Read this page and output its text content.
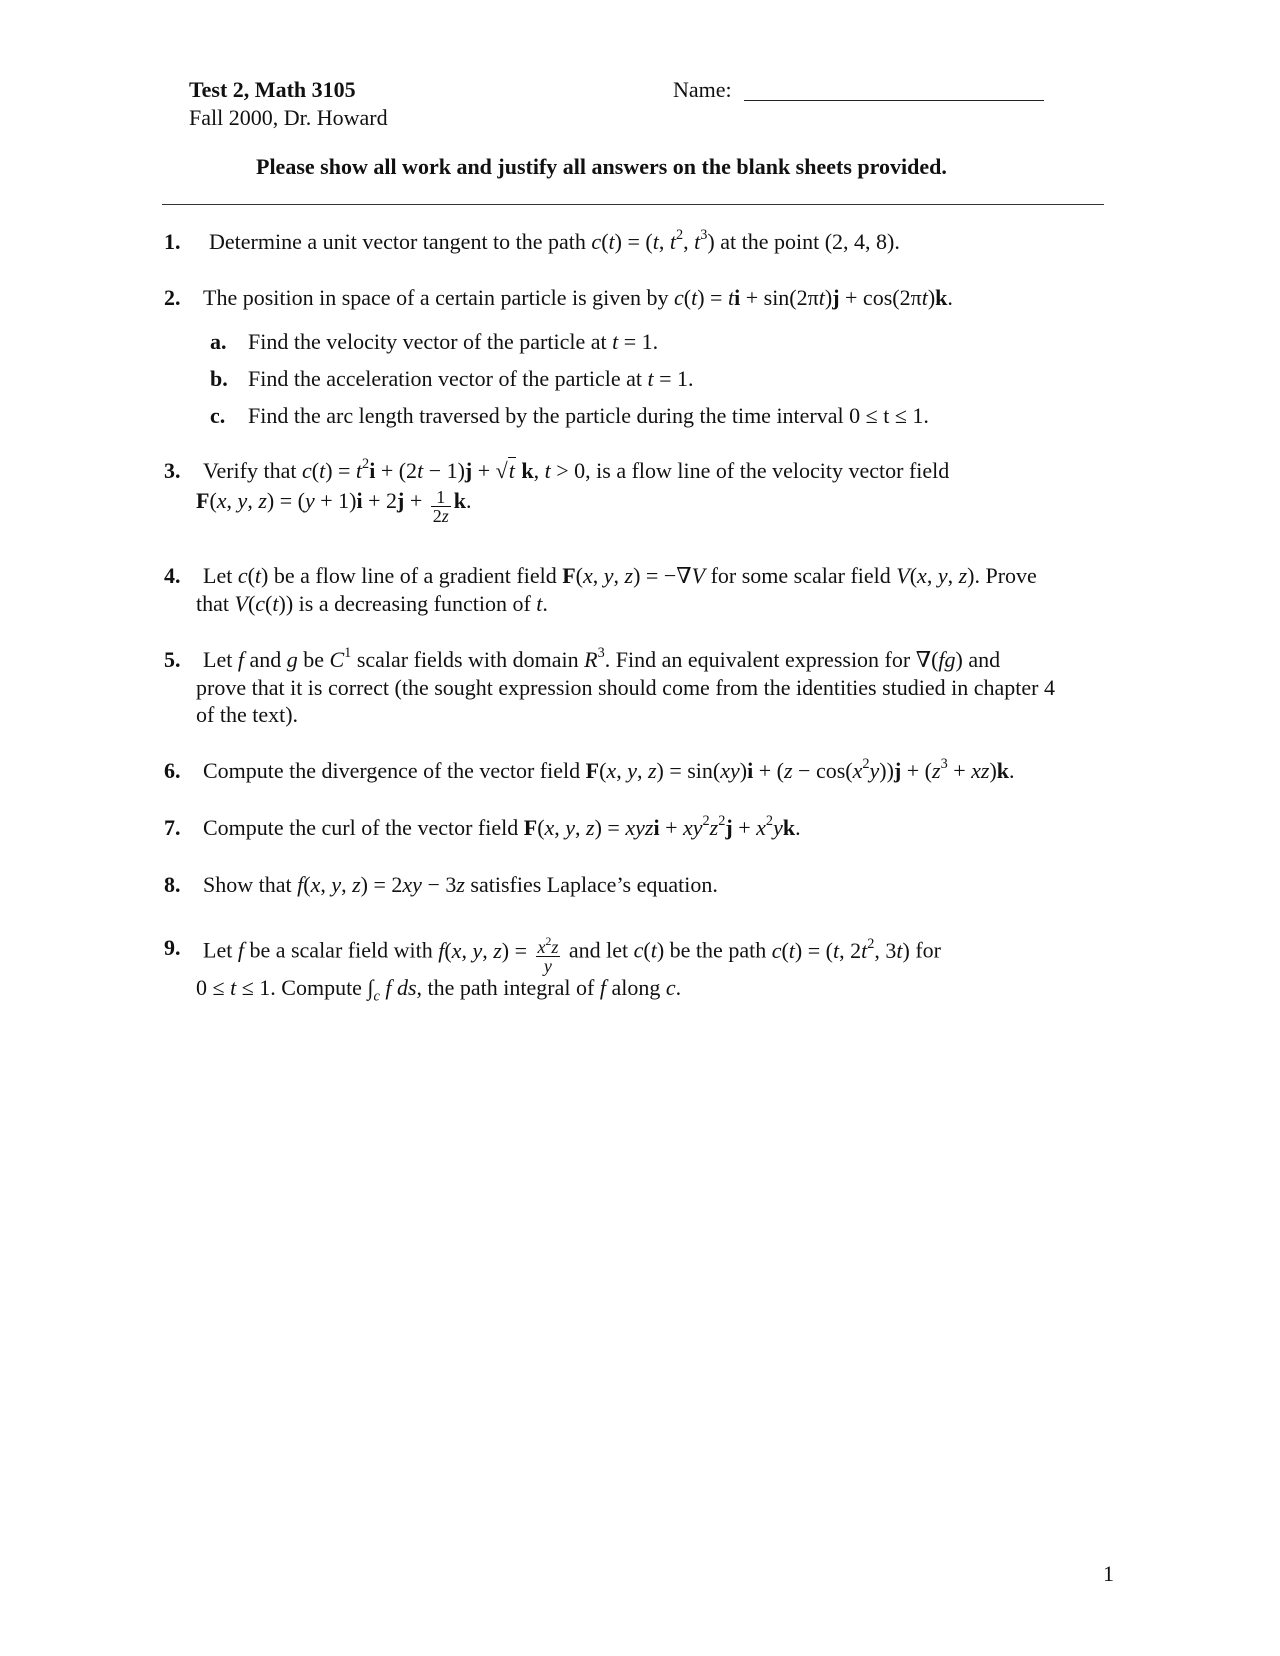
Test 2, Math 3105
Fall 2000, Dr. Howard
Name:
Please show all work and justify all answers on the blank sheets provided.
1. Determine a unit vector tangent to the path c(t) = (t, $t^2$, $t^3$) at the point (2, 4, 8).
2. The position in space of a certain particle is given by c(t) = ti + sin(2πt)j + cos(2πt)k.
a. Find the velocity vector of the particle at t = 1.
b. Find the acceleration vector of the particle at t = 1.
c. Find the arc length traversed by the particle during the time interval 0 ≤ t ≤ 1.
3. Verify that $c(t) = t^2i + (2t - 1)j + √t$ k, t > 0, is a flow line of the velocity vector field
F(x, y, $z) = (y + 1)i + 2j + \frac{1}{2z} k$.
4. Let c(t) be a flow line of a gradient field F(x, y, z) = −∇V for some scalar field V(x, y, z). Prove
that V(c(t)) is a decreasing function of t.
5. Let f and g be $C^1$ scalar fields with domain $R^3$. Find an equivalent expression for ∇(fg) and
prove that it is correct (the sought expression should come from the identities studied in chapter 4
of the text).
6. Compute the divergence of the vector field F(x, y, $z) = \sin(xy)i + (z - \cos(x^2y))j + (z^3 + xz)k$.
7. Compute the curl of the vector field F(x, y, z) = xyzi + $xy^2z^2j + x^2yk$.
8. Show that f(x, y, z) = 2xy − 3z satisfies Laplace’s equation.
9. Let f be a scalar field with f(x, y, $z) = \frac{x^2z}{y}$ and let c(t) be the path c(t) = (t, $2t^2$, 3t) for
0 ≤ t ≤ 1. Compute $\int_c$ f ds, the path integral of f along c.
1
